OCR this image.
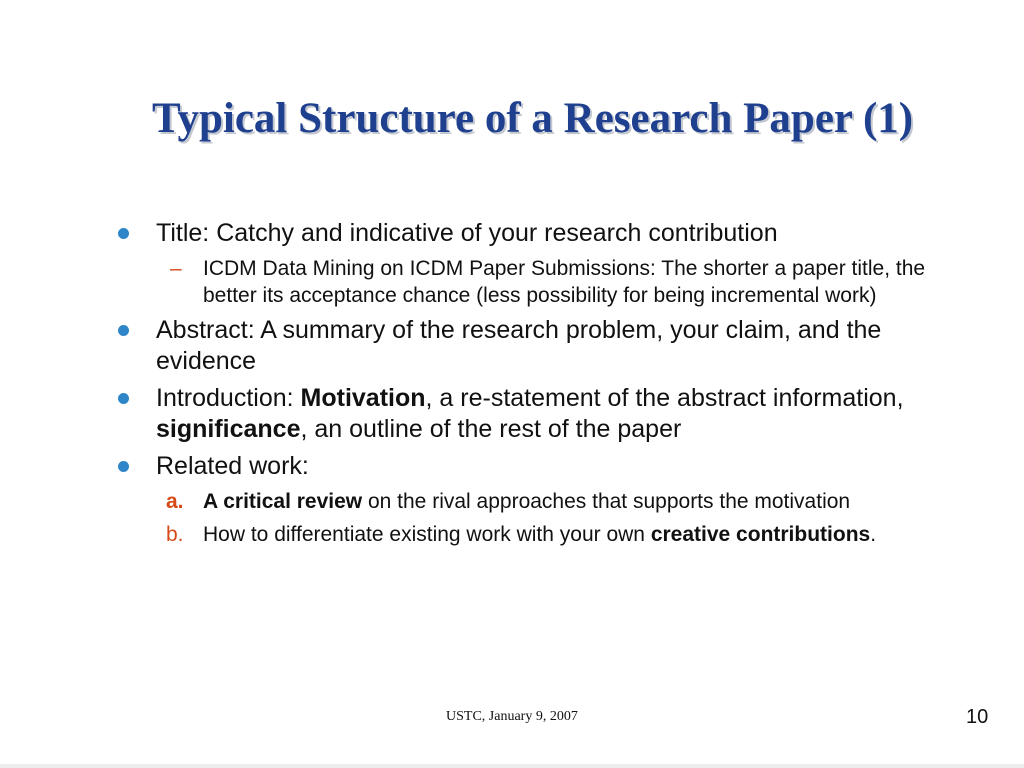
Typical Structure of a Research Paper (1)
Title: Catchy and indicative of your research contribution
– ICDM Data Mining on ICDM Paper Submissions: The shorter a paper title, the better its acceptance chance (less possibility for being incremental work)
Abstract: A summary of the research problem, your claim, and the evidence
Introduction: Motivation, a re-statement of the abstract information, significance, an outline of the rest of the paper
Related work:
a. A critical review on the rival approaches that supports the motivation
b. How to differentiate existing work with your own creative contributions.
USTC, January 9, 2007	10
